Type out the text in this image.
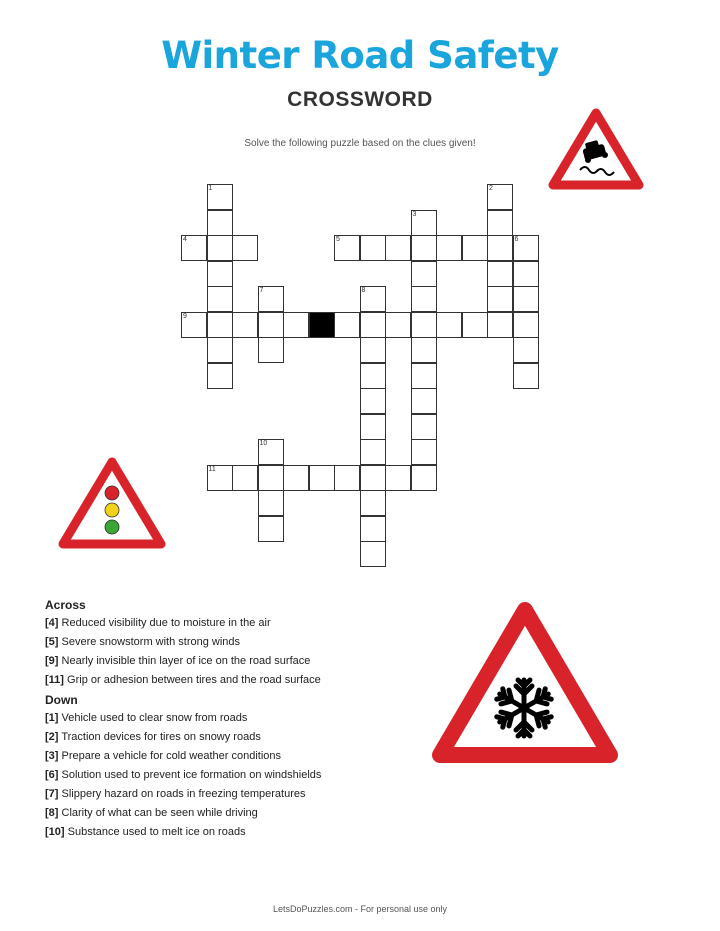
Winter Road Safety
CROSSWORD
Solve the following puzzle based on the clues given!
1	2
3
4	5	6
7	8
9
10
11
Across
[4] Reduced visibility due to moisture in the air
[5] Severe snowstorm with strong winds
[9] Nearly invisible thin layer of ice on the road surface
[11] Grip or adhesion between tires and the road surface
Down
[1] Vehicle used to clear snow from roads
[2] Traction devices for tires on snowy roads
[3] Prepare a vehicle for cold weather conditions
[6] Solution used to prevent ice formation on windshields
[7] Slippery hazard on roads in freezing temperatures
[8] Clarity of what can be seen while driving
[10] Substance used to melt ice on roads
LetsDoPuzzles.com - For personal use only
